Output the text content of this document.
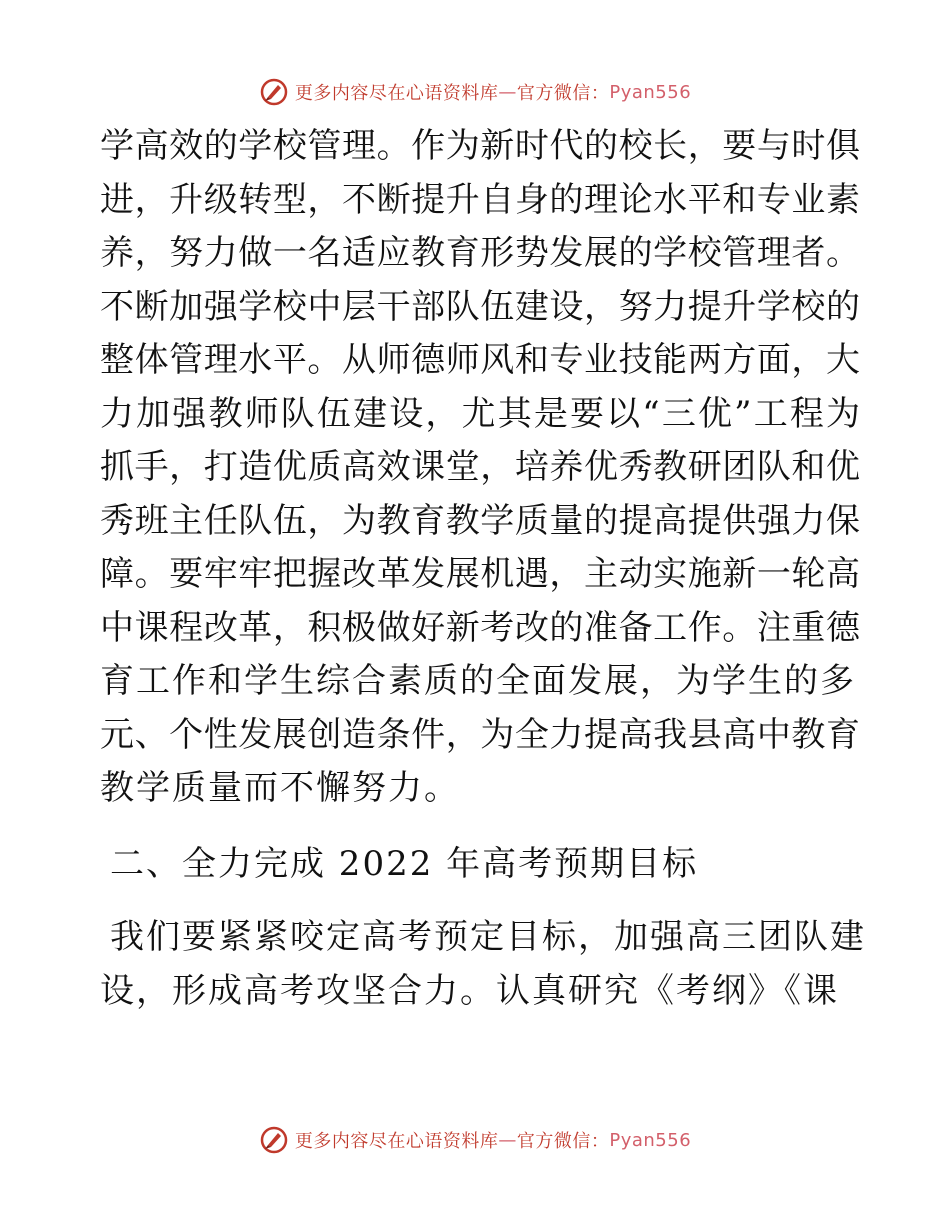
更多内容尽在心语资料库 — 官方微信： Pyan556
学高效的学校管理。作为新时代的校长，要与时俱
进，升级转型，不断提升自身的理论水平和专业素
养，努力做一名适应教育形势发展的学校管理者。
不断加强学校中层干部队伍建设，努力提升学校的
整体管理水平。从师德师风和专业技能两方面，大
力加强教师队伍建设，尤其是要以“三优”工程为
抓手，打造优质高效课堂，培养优秀教研团队和优
秀班主任队伍，为教育教学质量的提高提供强力保
障。要牢牢把握改革发展机遇，主动实施新一轮高
中课程改革，积极做好新考改的准备工作。注重德
育工作和学生综合素质的全面发展，为学生的多
元、个性发展创造条件，为全力提高我县高中教育
教学质量而不懈努力。
二、全力完成 2022 年高考预期目标
我们要紧紧咬定高考预定目标，加强高三团队建
设，形成高考攻坚合力。认真研究《考纲》《课
更多内容尽在心语资料库 — 官方微信： Pyan556
